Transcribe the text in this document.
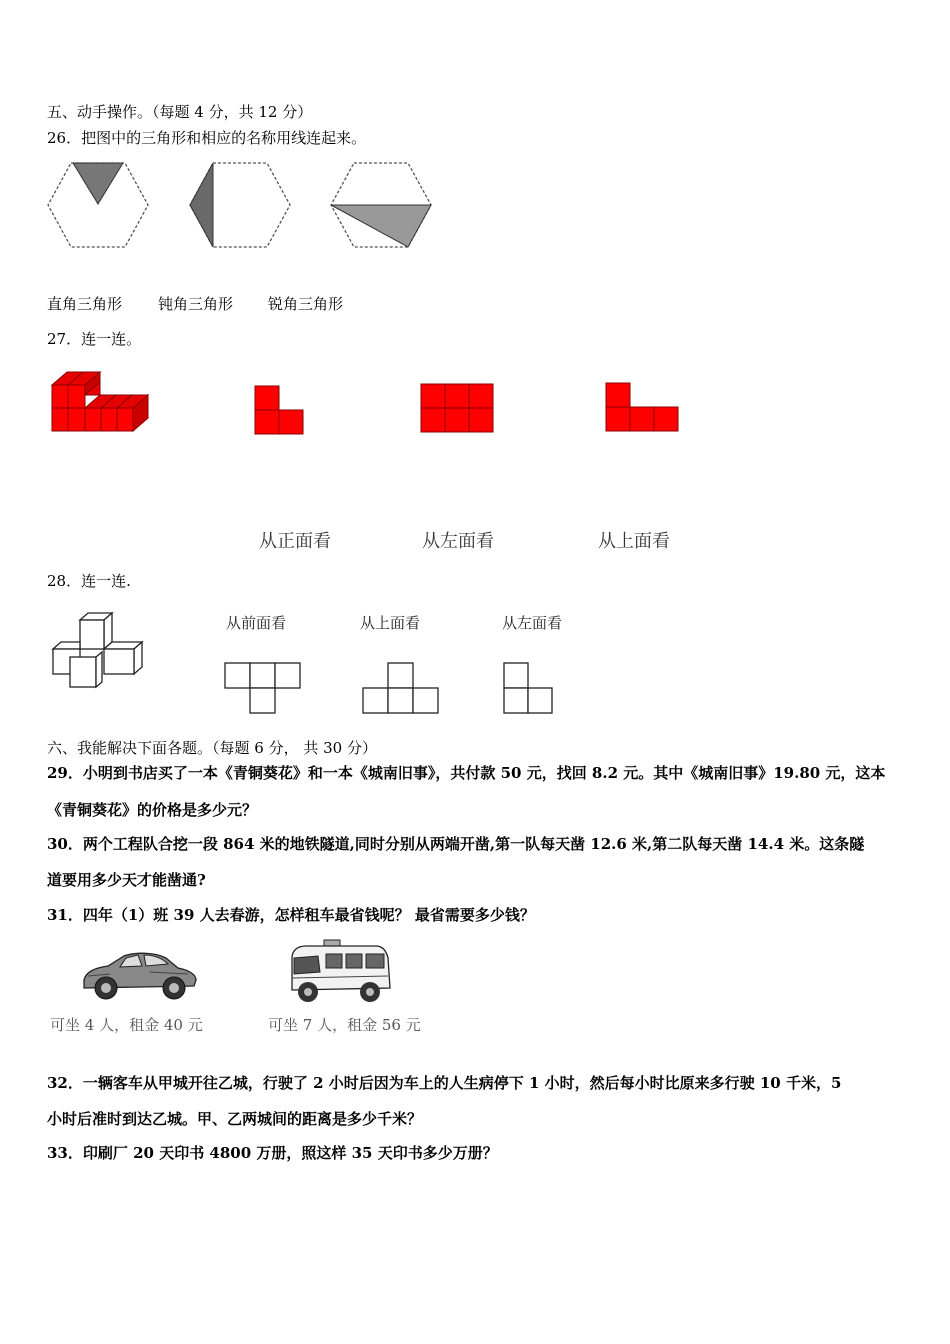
五、动手操作。（每题 4 分，共 12 分）
26．把图中的三角形和相应的名称用线连起来。
直角三角形 钝角三角形 锐角三角形
27．连一连。
从正面看	从左面看	从上面看
28．连一连.
从前面看	从上面看	从左面看
六、我能解决下面各题。（每题 6 分， 共 30 分）
29．小明到书店买了一本《青铜葵花》和一本《城南旧事》，共付款 50 元，找回 8.2 元。其中《城南旧事》19.80 元，这本
《青铜葵花》的价格是多少元？
30．两个工程队合挖一段 864 米的地铁隧道,同时分别从两端开凿,第一队每天凿 12.6 米,第二队每天凿 14.4 米。这条隧
道要用多少天才能凿通?
31．四年（1）班 39 人去春游，怎样租车最省钱呢？ 最省需要多少钱？
可坐 4 人，租金 40 元	可坐 7 人，租金 56 元
32．一辆客车从甲城开往乙城，行驶了 2 小时后因为车上的人生病停下 1 小时，然后每小时比原来多行驶 10 千米，5
小时后准时到达乙城。甲、乙两城间的距离是多少千米？
33．印刷厂 20 天印书 4800 万册，照这样 35 天印书多少万册？
